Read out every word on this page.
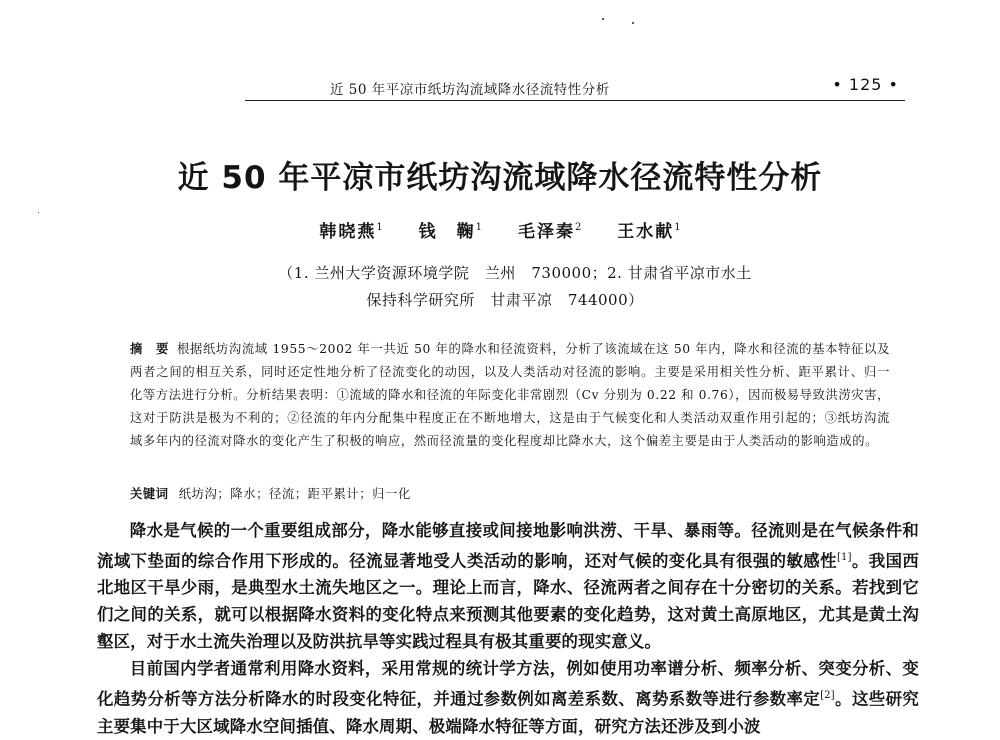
近 50 年平凉市纸坊沟流域降水径流特性分析	• 125 •
近 50 年平凉市纸坊沟流域降水径流特性分析
韩晓燕$^1$ 钱　鞠$^1$ 毛泽秦$^2$ 王水献$^1$
（1. 兰州大学资源环境学院　兰州　730000；2. 甘肃省平凉市水土
保持科学研究所　甘肃平凉　744000）

摘　要 根据纸坊沟流域 1955～2002 年一共近 50 年的降水和径流资料，分析了该流域在这 50 年内，降水和径流的基本特征以及两者之间的相互关系，同时还定性地分析了径流变化的动因，以及人类活动对径流的影响。主要是采用相关性分析、距平累计、归一化等方法进行分析。分析结果表明：①流域的降水和径流的年际变化非常剧烈（Cv 分别为 0.22 和 0.76），因而极易导致洪涝灾害，这对于防洪是极为不利的；②径流的年内分配集中程度正在不断地增大，这是由于气候变化和人类活动双重作用引起的；③纸坊沟流域多年内的径流对降水的变化产生了积极的响应，然而径流量的变化程度却比降水大，这个偏差主要是由于人类活动的影响造成的。

关键词 纸坊沟；降水；径流；距平累计；归一化

降水是气候的一个重要组成部分，降水能够直接或间接地影响洪涝、干旱、暴雨等。径流则是在气候条件和流域下垫面的综合作用下形成的。径流显著地受人类活动的影响，还对气候的变化具有很强的敏感性[1]。我国西北地区干旱少雨，是典型水土流失地区之一。理论上而言，降水、径流两者之间存在十分密切的关系。若找到它们之间的关系，就可以根据降水资料的变化特点来预测其他要素的变化趋势，这对黄土高原地区，尤其是黄土沟壑区，对于水土流失治理以及防洪抗旱等实践过程具有极其重要的现实意义。

目前国内学者通常利用降水资料，采用常规的统计学方法，例如使用功率谱分析、频率分析、突变分析、变化趋势分析等方法分析降水的时段变化特征，并通过参数例如离差系数、离势系数等进行参数率定[2]。这些研究主要集中于大区域降水空间插值、降水周期、极端降水特征等方面，研究方法还涉及到小波
